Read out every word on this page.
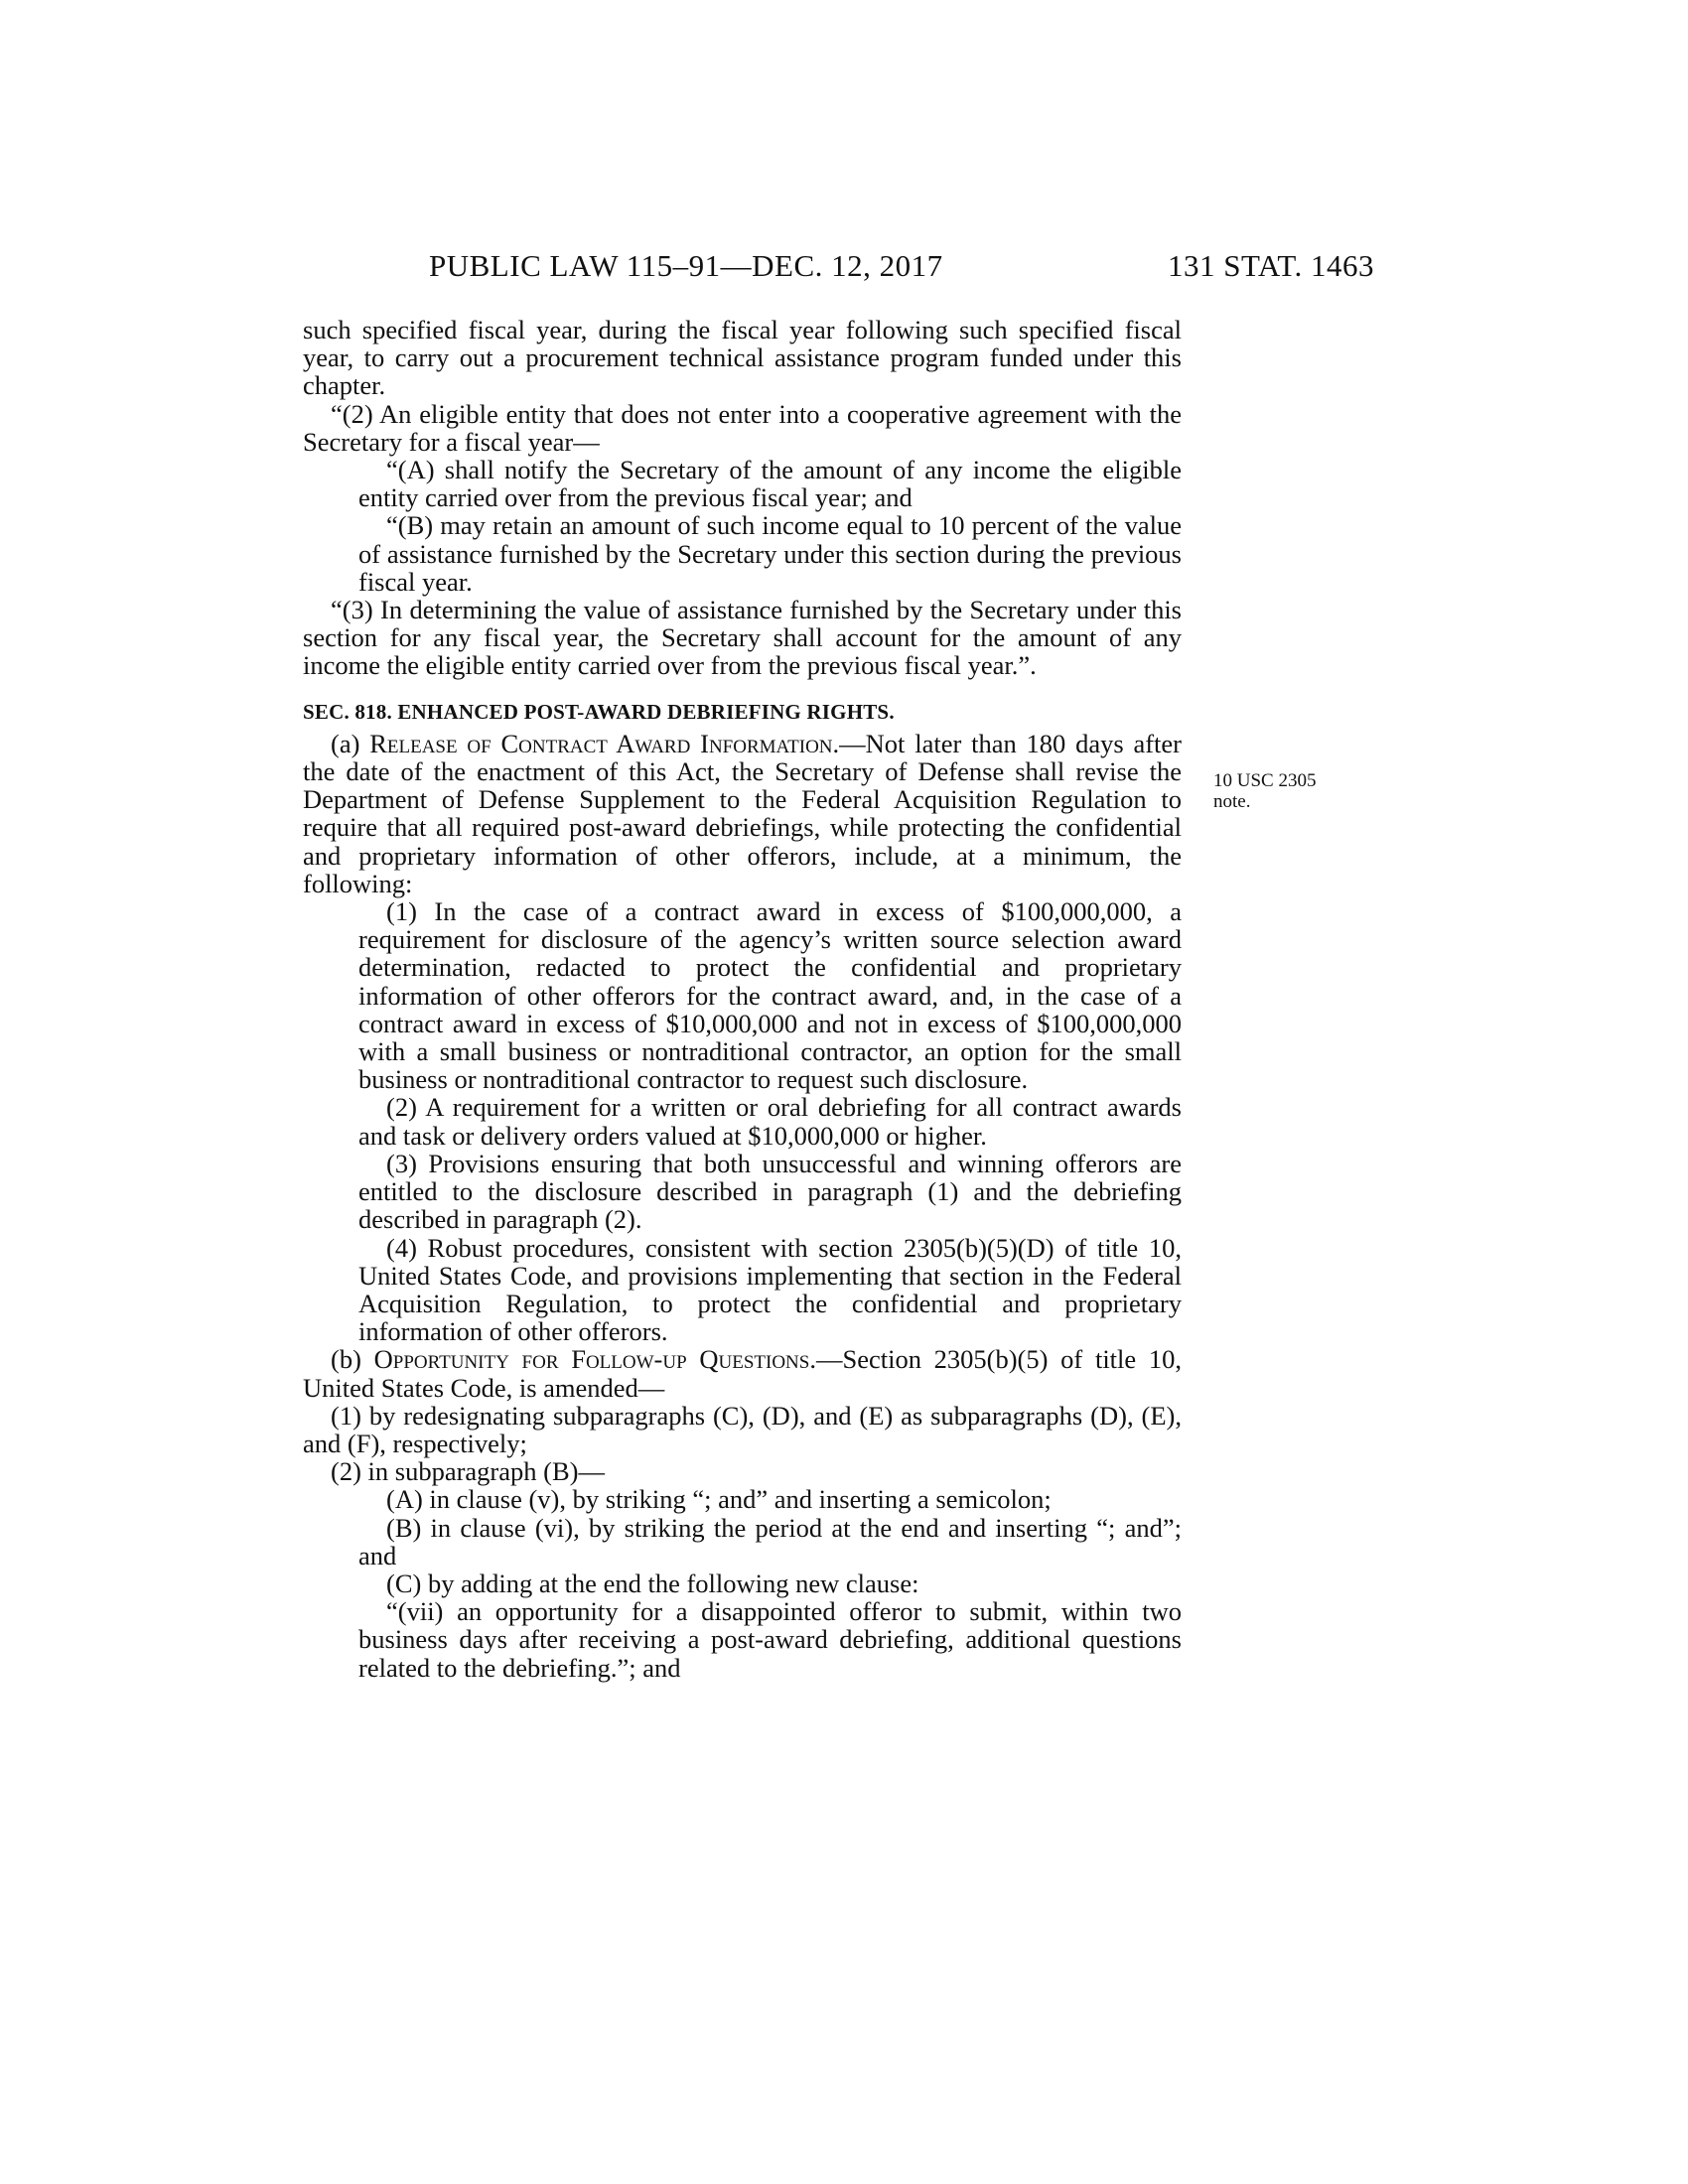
PUBLIC LAW 115–91—DEC. 12, 2017	131 STAT. 1463
10 USC 2305
note.

such specified fiscal year, during the fiscal year following such specified fiscal year, to carry out a procurement technical assistance program funded under this chapter.

“(2) An eligible entity that does not enter into a cooperative agreement with the Secretary for a fiscal year—

“(A) shall notify the Secretary of the amount of any income the eligible entity carried over from the previous fiscal year; and

“(B) may retain an amount of such income equal to 10 percent of the value of assistance furnished by the Secretary under this section during the previous fiscal year.

“(3) In determining the value of assistance furnished by the Secretary under this section for any fiscal year, the Secretary shall account for the amount of any income the eligible entity carried over from the previous fiscal year.”.

SEC. 818. ENHANCED POST-AWARD DEBRIEFING RIGHTS.

(a) Release of Contract Award Information.—Not later than 180 days after the date of the enactment of this Act, the Secretary of Defense shall revise the Department of Defense Supplement to the Federal Acquisition Regulation to require that all required post-award debriefings, while protecting the confidential and proprietary information of other offerors, include, at a minimum, the following:

(1) In the case of a contract award in excess of $100,000,000, a requirement for disclosure of the agency’s written source selection award determination, redacted to protect the confidential and proprietary information of other offerors for the contract award, and, in the case of a contract award in excess of $10,000,000 and not in excess of $100,000,000 with a small business or nontraditional contractor, an option for the small business or nontraditional contractor to request such disclosure.

(2) A requirement for a written or oral debriefing for all contract awards and task or delivery orders valued at $10,000,000 or higher.

(3) Provisions ensuring that both unsuccessful and winning offerors are entitled to the disclosure described in paragraph (1) and the debriefing described in paragraph (2).

(4) Robust procedures, consistent with section 2305(b)(5)(D) of title 10, United States Code, and provisions implementing that section in the Federal Acquisition Regulation, to protect the confidential and proprietary information of other offerors.

(b) Opportunity for Follow-up Questions.—Section 2305(b)(5) of title 10, United States Code, is amended—

(1) by redesignating subparagraphs (C), (D), and (E) as subparagraphs (D), (E), and (F), respectively;

(2) in subparagraph (B)—

(A) in clause (v), by striking “; and” and inserting a semicolon;

(B) in clause (vi), by striking the period at the end and inserting “; and”; and

(C) by adding at the end the following new clause:

“(vii) an opportunity for a disappointed offeror to submit, within two business days after receiving a post-award debriefing, additional questions related to the debriefing.”; and
